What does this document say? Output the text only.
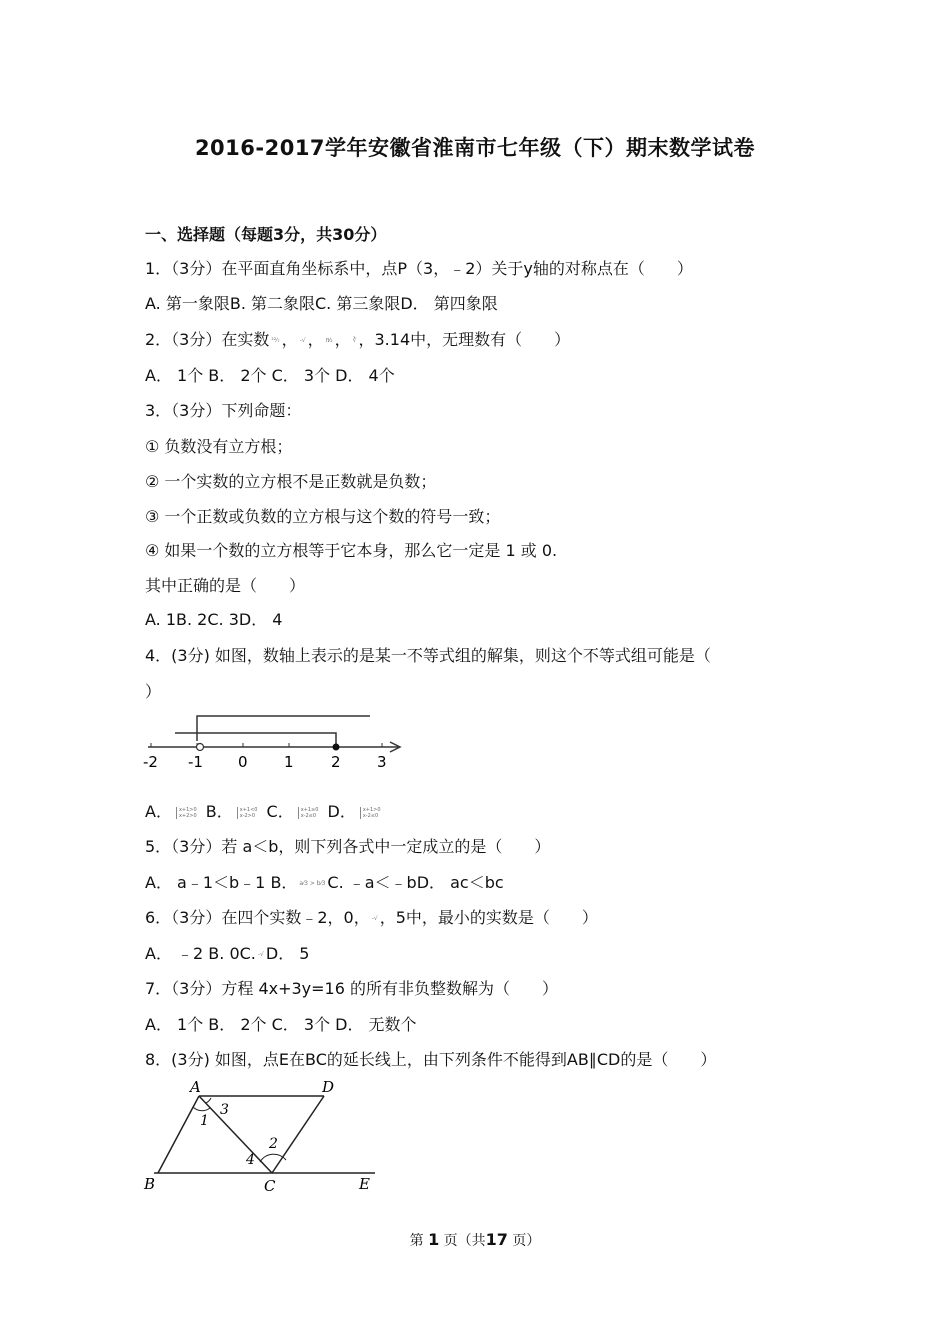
2016-2017学年安徽省淮南市七年级（下）期末数学试卷
一、选择题（每题3分，共30分）
1．（3分）在平面直角坐标系中，点P（3，﹣2）关于y轴的对称点在（　　）
A. 第一象限B. 第二象限C. 第三象限D． 第四象限
2．（3分）在实数 ²²⁄₇ ， -√ ， π⁄₂ ， ∛ ，3.14中，无理数有（　　）
A． 1个 B． 2个 C． 3个 D． 4个
3．（3分）下列命题：
① 负数没有立方根；
② 一个实数的立方根不是正数就是负数；
③ 一个正数或负数的立方根与这个数的符号一致；
④ 如果一个数的立方根等于它本身，那么它一定是 1 或 0.
其中正确的是（　　）
A. 1B. 2C. 3D． 4
4．(3分) 如图，数轴上表示的是某一不等式组的解集，则这个不等式组可能是（
）
-2 -1 0 1 2 3
A． x+1>0
x+2>0 B． x+1<0
x-2>0 C． x+1≥0
x-2≤0 D． x+1>0
x-2≤0
5．（3分）若 a＜b，则下列各式中一定成立的是（　　）
A． a﹣1＜b﹣1 B． a⁄3 > b⁄3 C. ﹣a＜﹣bD． ac＜bc
6．（3分）在四个实数﹣2，0， -√ ，5中，最小的实数是（　　）
A． ﹣2 B. 0C. -√ D． 5
7．（3分）方程 4x+3y=16 的所有非负整数解为（　　）
A． 1个 B． 2个 C． 3个 D． 无数个
8．(3分) 如图，点E在BC的延长线上，由下列条件不能得到AB∥CD的是（　　）
A	D
B	C	E
1
3
2
4
第 1 页（共17 页）
